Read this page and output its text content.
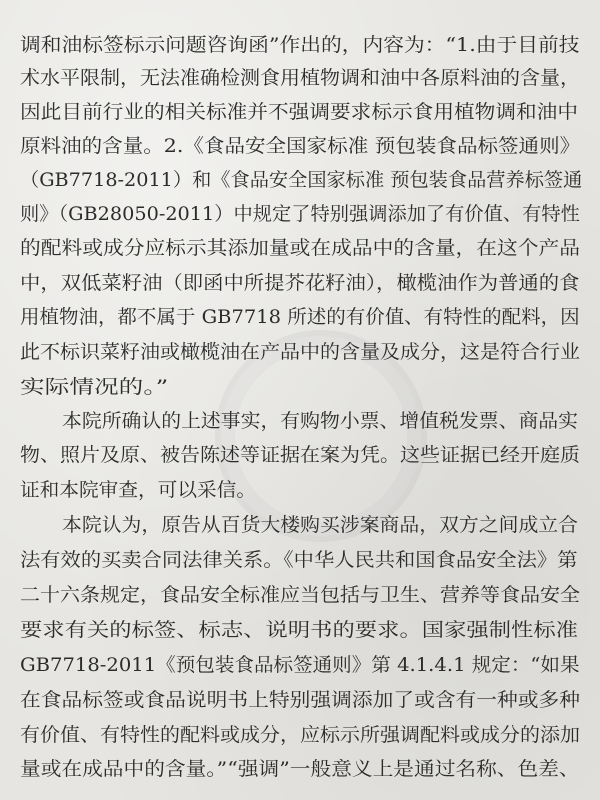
调和油标签标示问题咨询函”作出的，内容为：“1.由于目前技
术水平限制，无法准确检测食用植物调和油中各原料油的含量，
因此目前行业的相关标准并不强调要求标示食用植物调和油中
原料油的含量。2.《食品安全国家标准 预包装食品标签通则》
（GB7718-2011）和《食品安全国家标准 预包装食品营养标签通
则》（GB28050-2011）中规定了特别强调添加了有价值、有特性
的配料或成分应标示其添加量或在成品中的含量，在这个产品
中，双低菜籽油（即函中所提芥花籽油），橄榄油作为普通的食
用植物油，都不属于 GB7718 所述的有价值、有特性的配料，因
此不标识菜籽油或橄榄油在产品中的含量及成分，这是符合行业
实际情况的。”
本院所确认的上述事实，有购物小票、增值税发票、商品实
物、照片及原、被告陈述等证据在案为凭。这些证据已经开庭质
证和本院审查，可以采信。
本院认为，原告从百货大楼购买涉案商品，双方之间成立合
法有效的买卖合同法律关系。《中华人民共和国食品安全法》第
二十六条规定，食品安全标准应当包括与卫生、营养等食品安全
要求有关的标签、标志、说明书的要求。国家强制性标准
GB7718-2011《预包装食品标签通则》第 4.1.4.1 规定：“如果
在食品标签或食品说明书上特别强调添加了或含有一种或多种
有价值、有特性的配料或成分，应标示所强调配料或成分的添加
量或在成品中的含量。”“强调”一般意义上是通过名称、色差、
